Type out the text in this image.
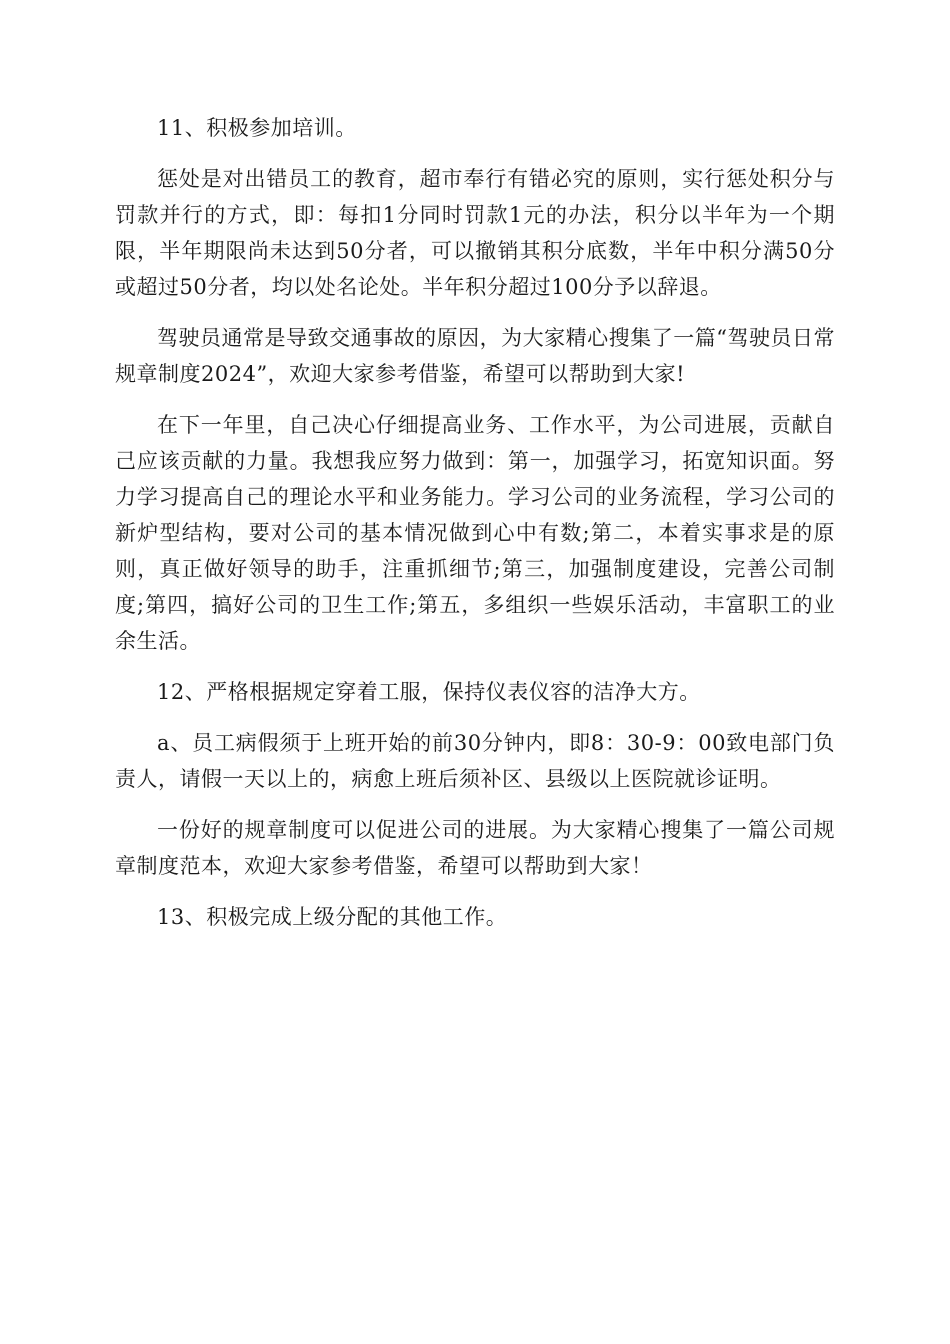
11、积极参加培训。

惩处是对出错员工的教育，超市奉行有错必究的原则，实行惩处积分与罚款并行的方式，即：每扣1分同时罚款1元的办法，积分以半年为一个期限，半年期限尚未达到50分者，可以撤销其积分底数，半年中积分满50分或超过50分者，均以处名论处。半年积分超过100分予以辞退。

驾驶员通常是导致交通事故的原因，为大家精心搜集了一篇“驾驶员日常规章制度2024”，欢迎大家参考借鉴，希望可以帮助到大家!

在下一年里，自己决心仔细提高业务、工作水平，为公司进展，贡献自己应该贡献的力量。我想我应努力做到：第一，加强学习，拓宽知识面。努力学习提高自己的理论水平和业务能力。学习公司的业务流程，学习公司的新炉型结构，要对公司的基本情况做到心中有数;第二，本着实事求是的原则，真正做好领导的助手，注重抓细节;第三，加强制度建设，完善公司制度;第四，搞好公司的卫生工作;第五，多组织一些娱乐活动，丰富职工的业余生活。

12、严格根据规定穿着工服，保持仪表仪容的洁净大方。

a、员工病假须于上班开始的前30分钟内，即8：30-9：00致电部门负责人，请假一天以上的，病愈上班后须补区、县级以上医院就诊证明。

一份好的规章制度可以促进公司的进展。为大家精心搜集了一篇公司规章制度范本，欢迎大家参考借鉴，希望可以帮助到大家！

13、积极完成上级分配的其他工作。
